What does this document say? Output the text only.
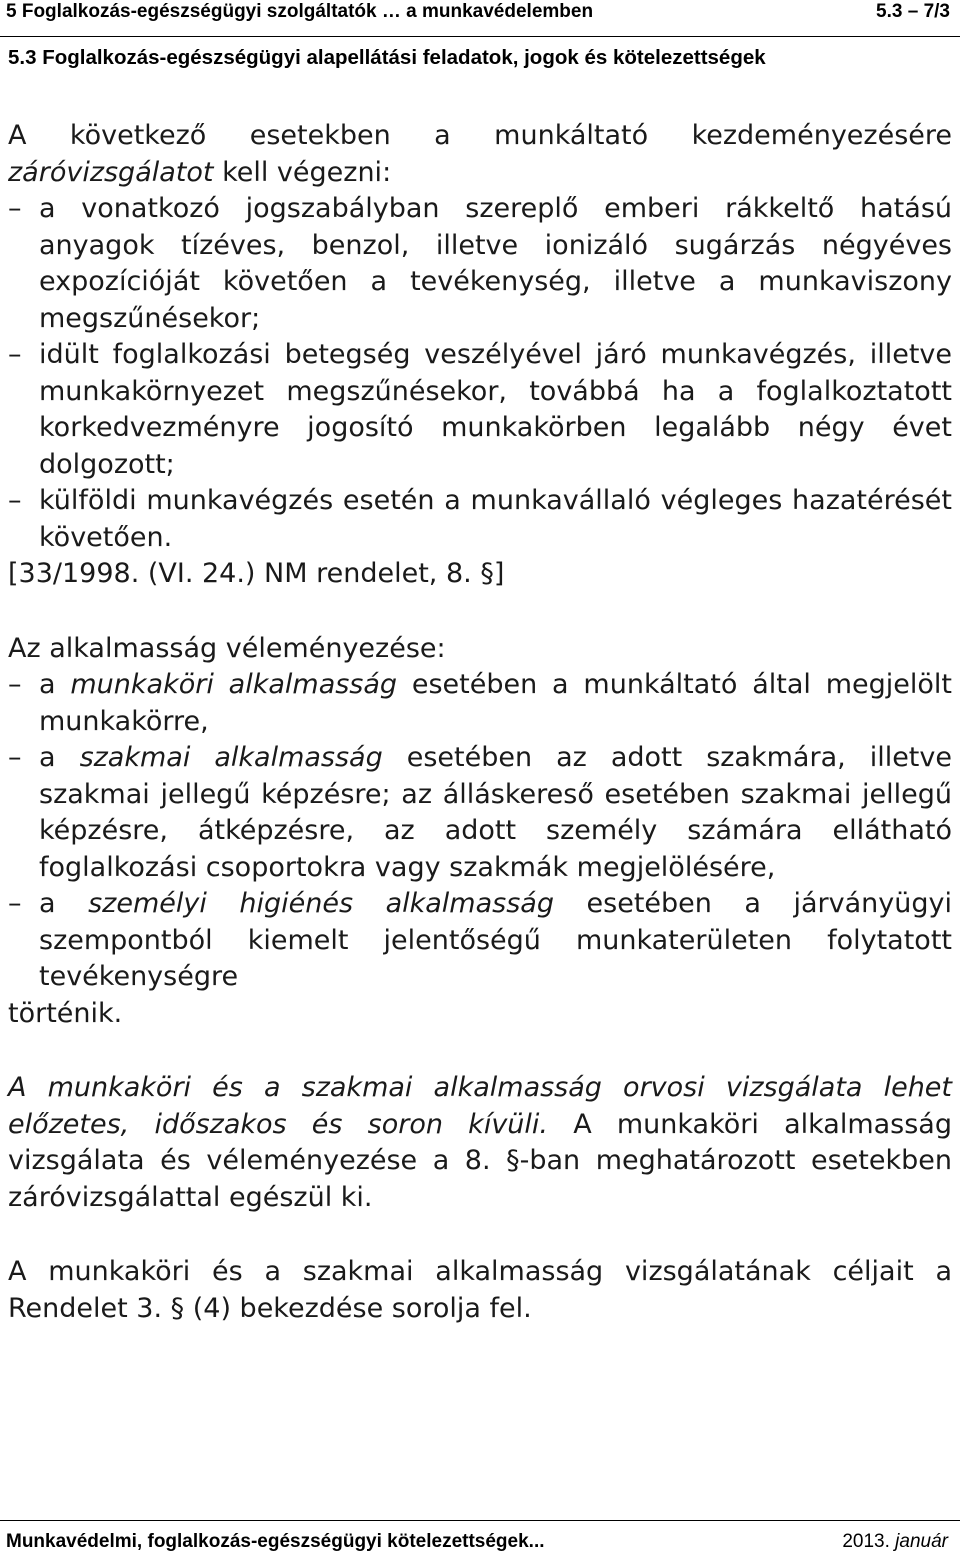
5 Foglalkozás-egészségügyi szolgáltatók … a munkavédelemben	5.3 – 7/3
5.3 Foglalkozás-egészségügyi alapellátási feladatok, jogok és kötelezettségek

A következő esetekben a munkáltató kezdeményezésére záróvizsgálatot kell végezni:

– a vonatkozó jogszabályban szereplő emberi rákkeltő hatású anyagok tízéves, benzol, illetve ionizáló sugárzás négyéves expozícióját követően a tevékenység, illetve a munkaviszony megszűnésekor;
– idült foglalkozási betegség veszélyével járó munkavégzés, illetve munkakörnyezet megszűnésekor, továbbá ha a foglalkoztatott korkedvezményre jogosító munkakörben legalább négy évet dolgozott;
– külföldi munkavégzés esetén a munkavállaló végleges hazatérését követően.

[33/1998. (VI. 24.) NM rendelet, 8. §]

Az alkalmasság véleményezése:

– a munkaköri alkalmasság esetében a munkáltató által megjelölt munkakörre,
– a szakmai alkalmasság esetében az adott szakmára, illetve szakmai jellegű képzésre; az álláskereső esetében szakmai jellegű képzésre, átképzésre, az adott személy számára ellátható foglalkozási csoportokra vagy szakmák megjelölésére,
– a személyi higiénés alkalmasság esetében a járványügyi szempontból kiemelt jelentőségű munkaterületen folytatott tevékenységre

történik.

A munkaköri és a szakmai alkalmasság orvosi vizsgálata lehet előzetes, időszakos és soron kívüli. A munkaköri alkalmasság vizsgálata és véleményezése a 8. §-ban meghatározott esetekben záróvizsgálattal egészül ki.

A munkaköri és a szakmai alkalmasság vizsgálatának céljait a Rendelet 3. § (4) bekezdése sorolja fel.

Munkavédelmi, foglalkozás-egészségügyi kötelezettségek...	2013. január
